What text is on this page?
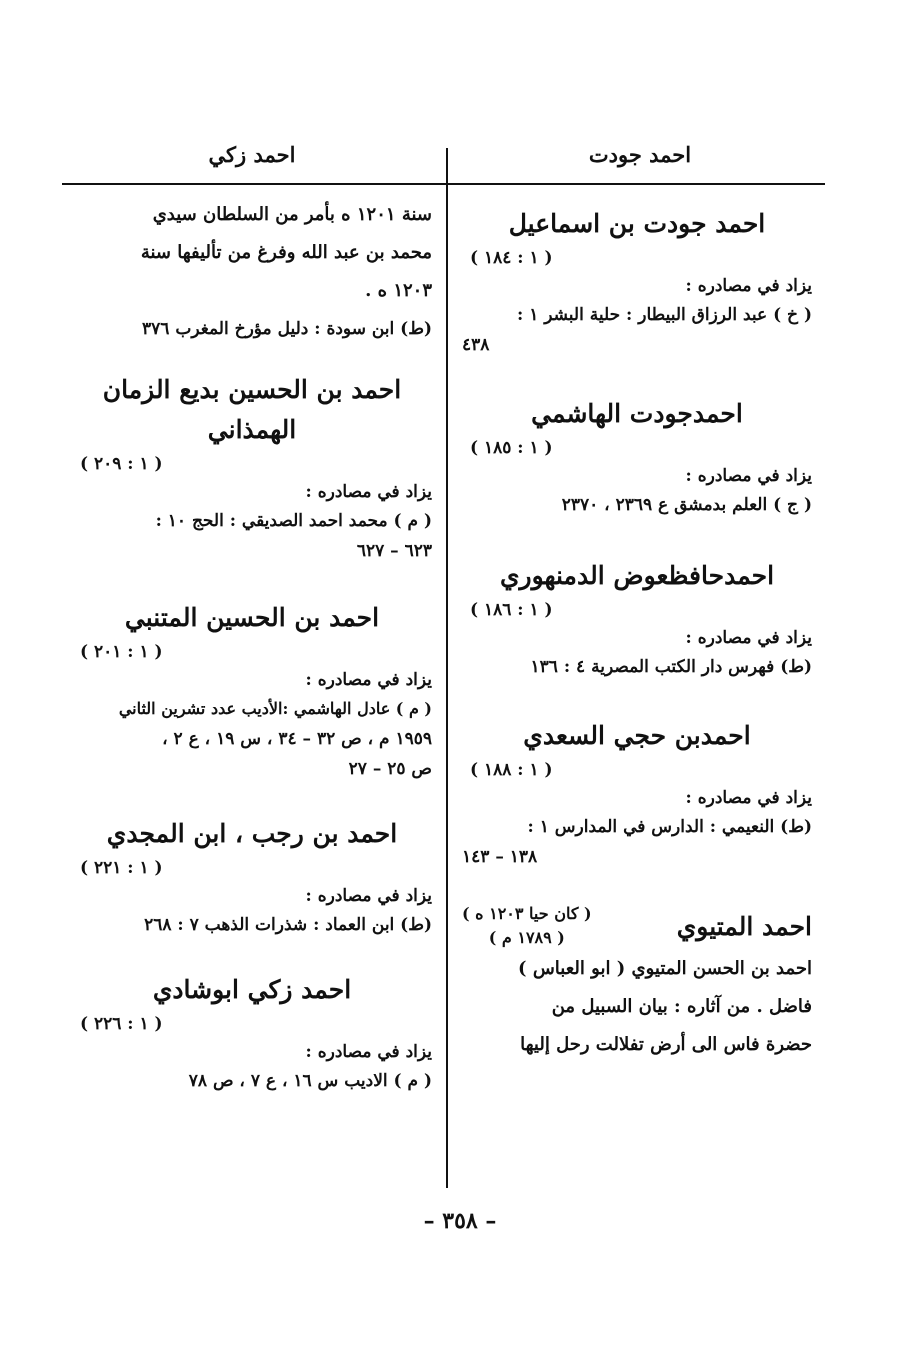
احمد جودت
احمد زكي

احمد جودت بن اسماعيل

( ١ : ١٨٤ )

يزاد في مصادره :

( خ ) عبد الرزاق البيطار : حلية البشر ١ :

٤٣٨

احمدجودت الهاشمي

( ١ : ١٨٥ )

يزاد في مصادره :

( ج ) العلم بدمشق ع ٢٣٦٩ ، ٢٣٧٠

احمدحافظعوض الدمنهوري

( ١ : ١٨٦ )

يزاد في مصادره :

(ط) فهرس دار الكتب المصرية ٤ : ١٣٦

احمدبن حجي السعدي

( ١ : ١٨٨ )

يزاد في مصادره :

(ط) النعيمي : الدارس في المدارس ١ :

١٣٨ – ١٤٣

احمد المتيوي
( كان حيا ١٢٠٣ ه )
( ١٧٨٩ م )

احمد بن الحسن المتيوي ( ابو العباس )

فاضل . من آثاره : بيان السبيل من

حضرة فاس الى أرض تفلالت رحل إليها

سنة ١٢٠١ ه بأمر من السلطان سيدي

محمد بن عبد الله وفرغ من تأليفها سنة

١٢٠٣ ه .

(ط) ابن سودة : دليل مؤرخ المغرب ٣٧٦

احمد بن الحسين بديع الزمان الهمذاني

( ١ : ٢٠٩ )

يزاد في مصادره :

( م ) محمد احمد الصديقي : الحج ١٠ :

٦٢٣ – ٦٢٧

احمد بن الحسين المتنبي

( ١ : ٢٠١ )

يزاد في مصادره :

( م ) عادل الهاشمي :الأديب عدد تشرين الثاني

١٩٥٩ م ، ص ٣٢ – ٣٤ ، س ١٩ ، ع ٢ ،

ص ٢٥ – ٢٧

احمد بن رجب ، ابن المجدي

( ١ : ٢٢١ )

يزاد في مصادره :

(ط) ابن العماد : شذرات الذهب ٧ : ٢٦٨

احمد زكي ابوشادي

( ١ : ٢٢٦ )

يزاد في مصادره :

( م ) الاديب س ١٦ ، ع ٧ ، ص ٧٨

– ٣٥٨ –
